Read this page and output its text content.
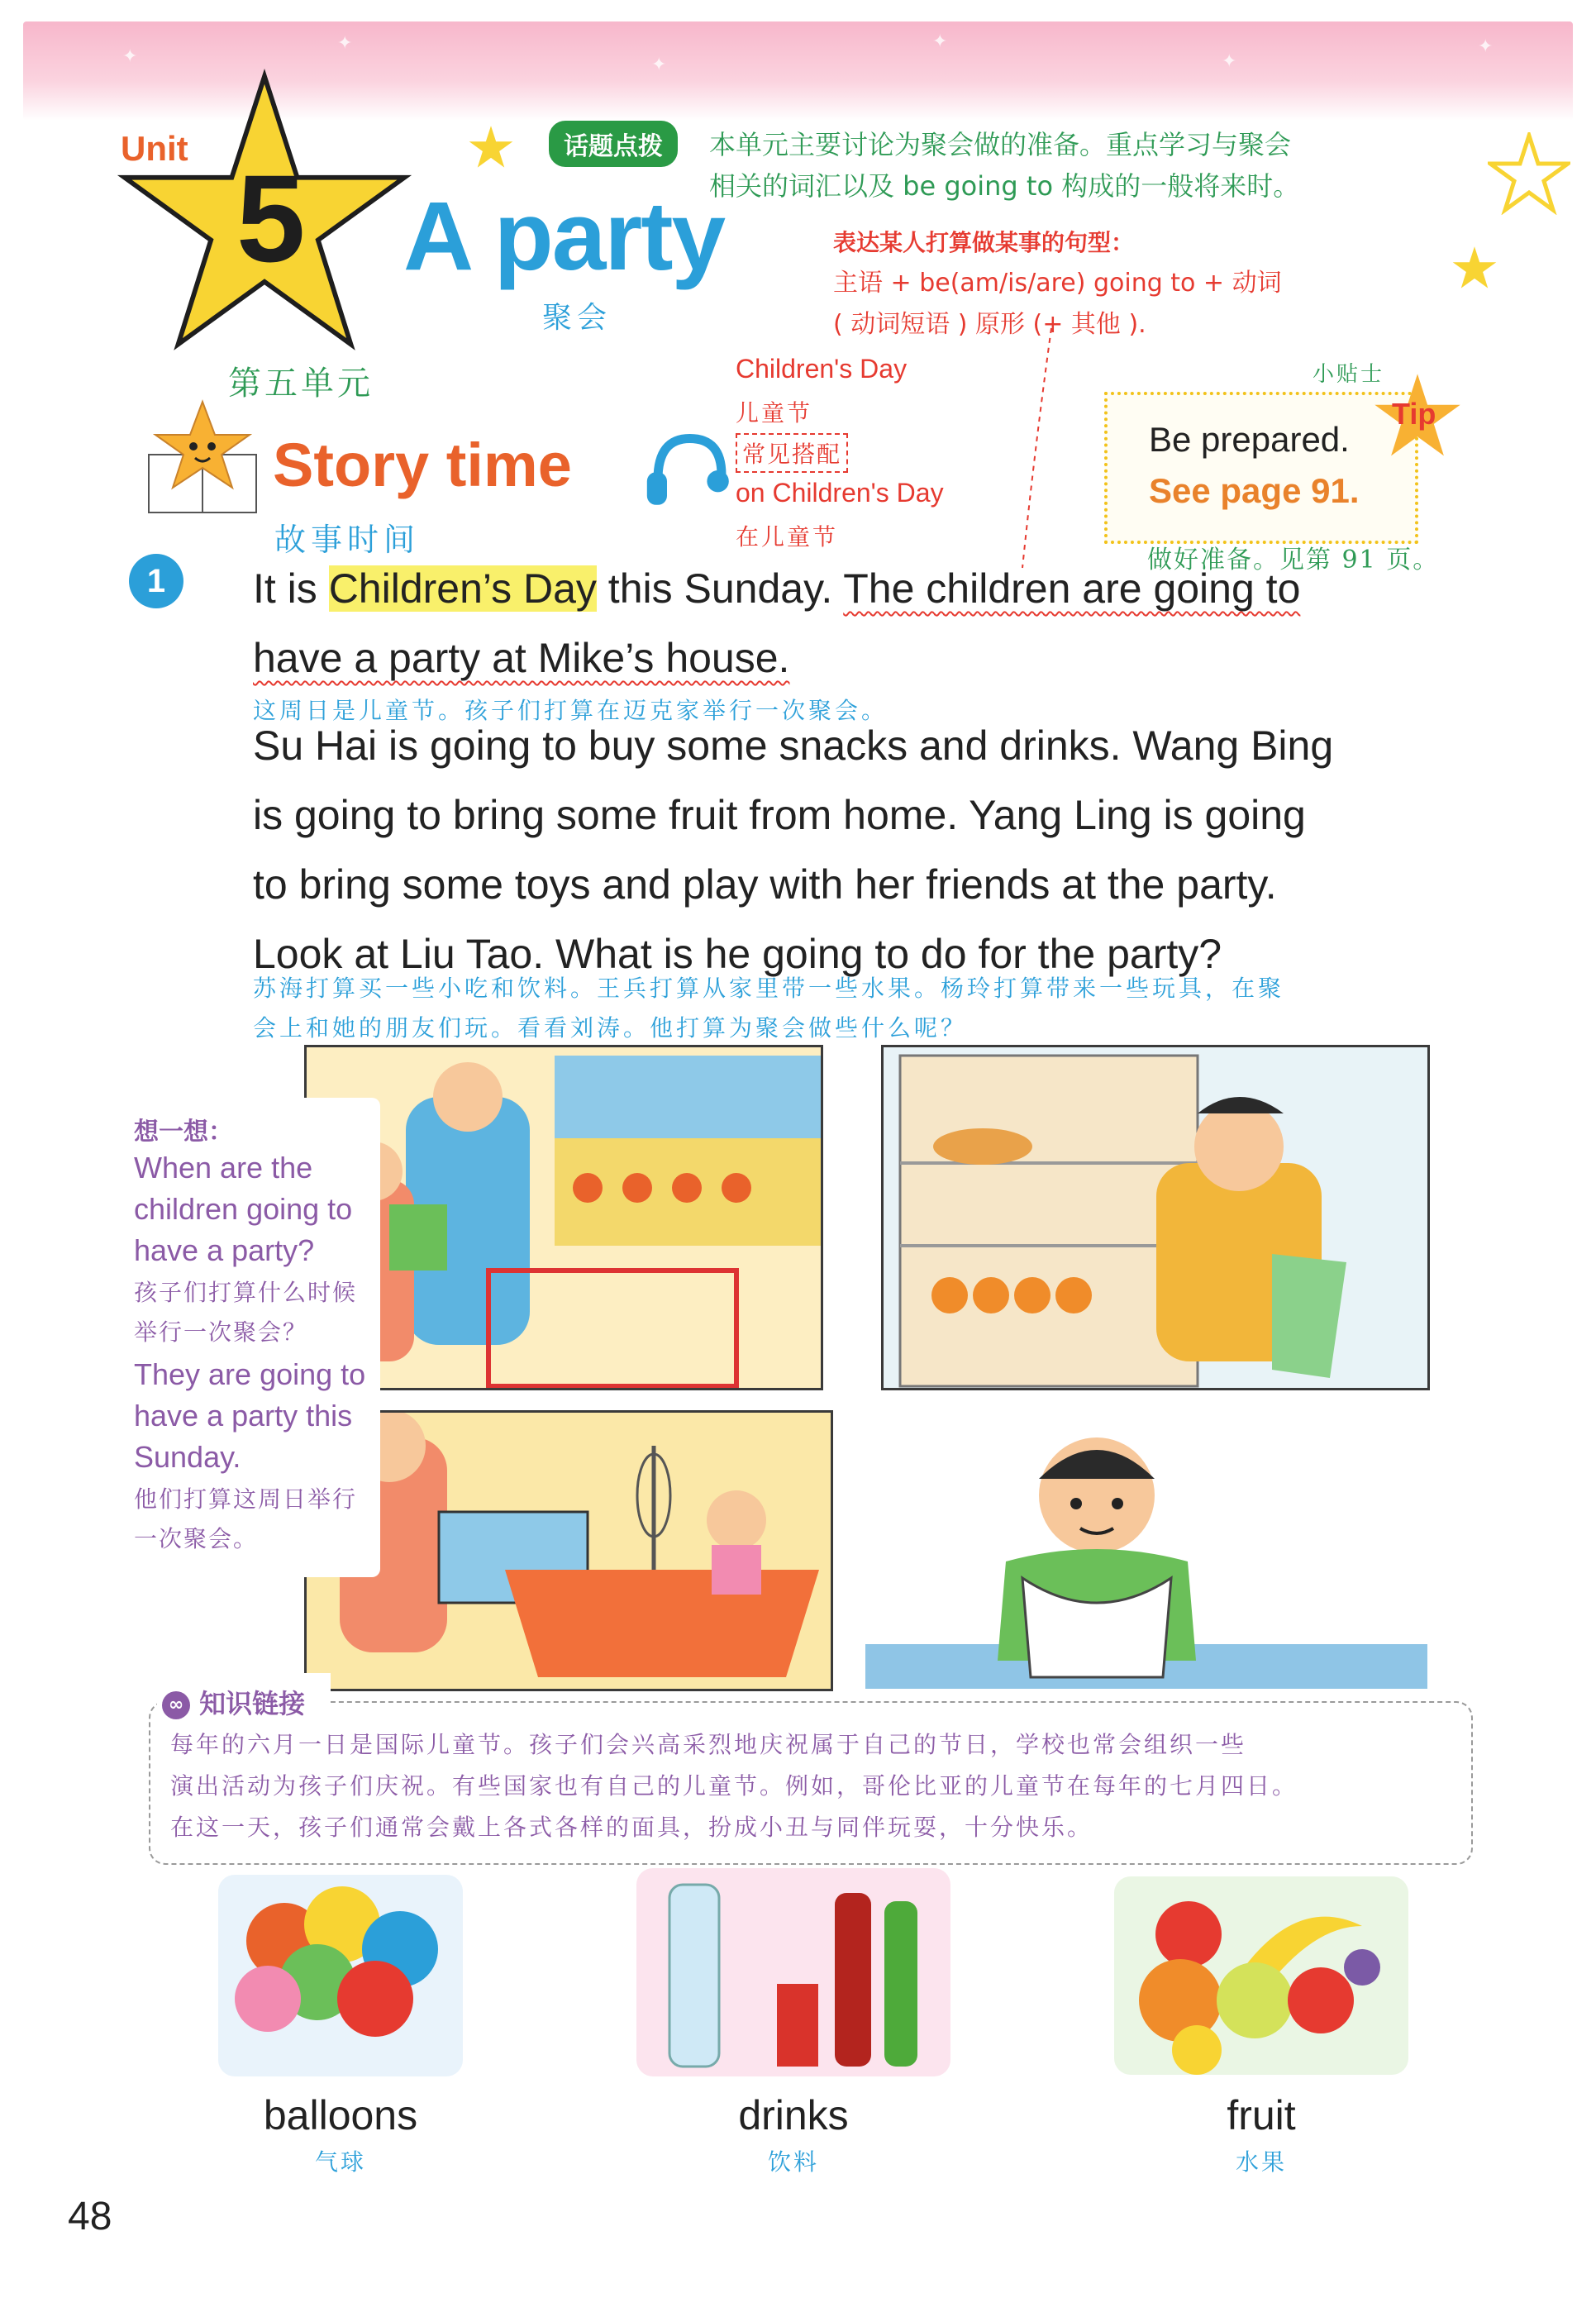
✦
✦
✦
✦
✦
✦
Unit
5
第五单元
A party
聚会
话题点拨	本单元主要讨论为聚会做的准备。重点学习与聚会
相关的词汇以及 be going to 构成的一般将来时。
表达某人打算做某事的句型：
主语 + be(am/is/are) going to + 动词
( 动词短语 ) 原形 (+ 其他 ).
Children's Day
儿童节
常见搭配
on Children's Day
在儿童节
小贴士
Tip
Be prepared.
See page 91.
做好准备。见第 91 页。
Story time
故事时间
1	It is Children’s Day this Sunday. The children are going to
have a party at Mike’s house.
这周日是儿童节。孩子们打算在迈克家举行一次聚会。
Su Hai is going to buy some snacks and drinks. Wang Bing
is going to bring some fruit from home. Yang Ling is going
to bring some toys and play with her friends at the party.
Look at Liu Tao. What is he going to do for the party?
苏海打算买一些小吃和饮料。王兵打算从家里带一些水果。杨玲打算带来一些玩具，在聚
会上和她的朋友们玩。看看刘涛。他打算为聚会做些什么呢？
想一想：
When are the children going to have a party?
孩子们打算什么时候举行一次聚会？
They are going to have a party this Sunday.
他们打算这周日举行一次聚会。
∞ 知识链接
每年的六月一日是国际儿童节。孩子们会兴高采烈地庆祝属于自己的节日，学校也常会组织一些
演出活动为孩子们庆祝。有些国家也有自己的儿童节。例如，哥伦比亚的儿童节在每年的七月四日。
在这一天，孩子们通常会戴上各式各样的面具，扮成小丑与同伴玩耍，十分快乐。
balloons
气球
drinks
饮料
fruit
水果
48
